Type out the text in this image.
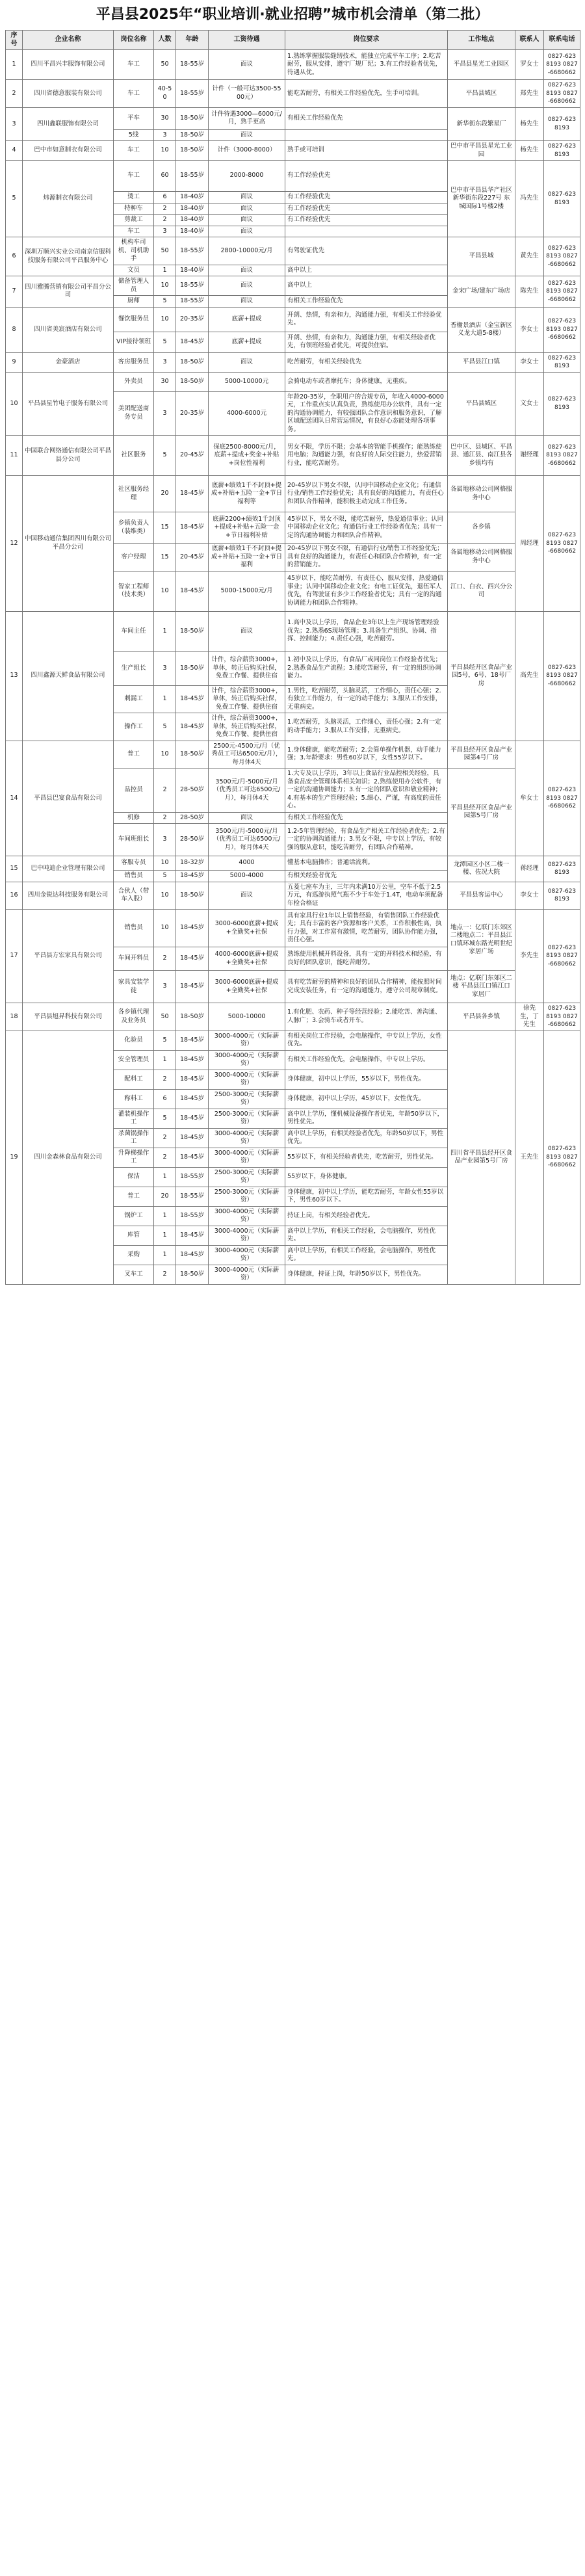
平昌县2025年“职业培训·就业招聘”城市机会清单（第二批）
序号	企业名称	岗位名称	人数	年龄	工资待遇	岗位要求	工作地点	联系人	联系电话
1	四川平昌兴丰服饰有限公司	车工	50	18-55岁	面议	1.熟练掌握服装缝纫技术，能独立完成平车工序；2.吃苦耐劳，服从安排，遵守厂规厂纪；3.有工作经验者优先，待遇从优。	平昌县星光工业园区	罗女士	0827-6238193 0827-6680662
2	四川省德意服装有限公司	车工	40-50	18-55岁	计件（一般可达3500-5500元）	能吃苦耐劳，有相关工作经验优先，生手可培训。	平昌县城区	郑先生	0827-6238193 0827-6680662
3	四川鑫联服饰有限公司	平车	30	18-50岁	计件待遇3000—6000元/月，熟手更高	有相关工作经验优先	新华街东段繁星厂	杨先生	0827-6238193
		5线	3	18-50岁	面议				
4	巴中市如意制衣有限公司	车工	10	18-50岁	计件（3000-8000）	熟手或可培训	巴中市平昌县星光工业园	杨先生	0827-6238193
5	炜源制衣有限公司	车工	60	18-55岁	2000-8000	有工作经验优先	巴中市平昌县华产社区新华街东段227号 东城国际1号楼2楼	冯先生	0827-6238193
		烫工	6	18-40岁	面议	有工作经验优先			
		特种车	2	18-40岁	面议	有工作经验优先			
		剪裁工	2	18-40岁	面议	有工作经验优先			
		车工	3	18-40岁	面议				
6	深圳万顺兴实业公司南京信服科技服务有限公司平昌服务中心	机构车司机、司机助手	50	18-55岁	2800-10000元/月	有驾驶证优先	平昌县城	黄先生	0827-6238193 0827-6680662
		文员	1	18-40岁	面议	高中以上			
7	四川雅腾营销有限公司平昌分公司	储备管理人员	10	18-55岁	面议	高中以上	金宋广场/建东广场店	陈先生	0827-6238193 0827-6680662
		厨师	5	18-55岁	面议	有相关工作经验优先			
8	四川省美宸酒店有限公司	餐饮服务员	10	20-35岁	底薪+提成	开朗、热情，有亲和力，沟通能力强，有相关工作经验优先。	香榭景酒店（金宝新区义龙大道5-8楼）	李女士	0827-6238193 0827-6680662
		VIP接待领班	5	18-45岁	底薪+提成	开朗、热情，有亲和力，沟通能力强，有相关经验者优先，有领班经验者优先，可提供住宿。			
9	金豪酒店	客房服务员	3	18-50岁	面议	吃苦耐劳，有相关经验优先	平昌县江口镇	李女士	0827-6238193
10	平昌县星竹电子服务有限公司	外卖员	30	18-50岁	5000-10000元	会骑电动车或者摩托车；身体健康，无重疾。	平昌县城区	文女士	0827-6238193
		美团配送商务专员	3	20-35岁	4000-6000元	年龄20-35岁，全职用户的合规专员，年收入4000-6000元，工作重点实认真负责，熟练使用办公软件，具有一定的沟通协调能力，有较强团队合作意识和服务意识，了解区域配送团队日常营运情况，有良好心态能处理各项事务。			
11	中国联合网络通信有限公司平昌县分公司	社区服务	5	20-45岁	保底2500-8000元/月，底薪+提成+奖金+补贴+岗位性福利	男女不限，学历不限；会基本的智能手机操作；能熟练使用电脑；沟通能力强，有良好的人际交往能力，热爱营销行业，能吃苦耐劳。	巴中区、县城区、平昌县、通江县、南江县各乡镇均有	谢经理	0827-6238193 0827-6680662
12	中国移动通信集团四川有限公司平昌分公司	社区服务经理	20	18-45岁	底薪+绩效1千不封顶+提成+补贴+五险一金+节日福利等	20-45岁以下男女不限，认同中国移动企业文化；有通信行业/销售工作经验优先；具有良好的沟通能力，有责任心和团队合作精神，能积极主动完成工作任务。	各属地移动公司网格服务中心	周经理	0827-6238193 0827-6680662
		乡镇负责人（装维类）	15	18-45岁	底薪2200+绩效1千封顶+提成+补贴+五险一金+节日福利补贴	45岁以下，男女不限，能吃苦耐劳，热爱通信事业；认同中国移动企业文化；有通信行业工作经验者优先；具有一定的沟通协调能力和团队合作精神。	各乡镇		
		客户经理	15	20-45岁	底薪+绩效1千不封顶+提成+补贴+五险一金+节日福利	20-45岁以下男女不限，有通信行业/销售工作经验优先；具有良好的沟通能力，有责任心和团队合作精神，有一定的营销能力。	各属地移动公司网格服务中心		
		智家工程师（技术类）	10	18-45岁	5000-15000元/月	45岁以下，能吃苦耐劳，有责任心，服从安排，热爱通信事业；认同中国移动企业文化；有电工证优先，退伍军人优先，有驾驶证有多少工作经验者优先；具有一定的沟通协调能力和团队合作精神。	江口、白衣、西兴分公司		
13	四川鑫源天鲜食品有限公司	车间主任	1	18-50岁	面议	1.高中及以上学历，食品企业3年以上生产现场管理经验优先；2.熟悉6S现场管理；3.具备生产组织、协调、指挥、控制能力；4.责任心强，吃苦耐劳。	平昌县经开区食品产业园5号，6号、18号厂房	高先生	0827-6238193 0827-6680662
		生产组长	3	18-50岁	计件，综合薪资3000+，单休，转正后购买社保，免费工作餐、提供住宿	1.初中及以上学历，有食品厂或同岗位工作经验者优先；2.熟悉食品生产流程；3.能吃苦耐劳，有一定的组织协调能力。			
		刺漏工	1	18-45岁	计件，综合薪资3000+，单休，转正后购买社保，免费工作餐、提供住宿	1.男性，吃苦耐劳，头脑灵活，工作细心，责任心强；2.有独立工作能力，有一定的动手能力；3.服从工作安排，无重病史。			
		操作工	5	18-45岁	计件，综合薪资3000+，单休，转正后购买社保，免费工作餐、提供住宿	1.吃苦耐劳，头脑灵活，工作细心，责任心强；2.有一定的动手能力；3.服从工作安排，无重病史。			
14	平昌县巴宴食品有限公司	普工	10	18-50岁	2500元-4500元/月（优秀员工可达6500元/月），每月休4天	1.身体健康，能吃苦耐劳；2.会简单操作机器，动手能力强；3.年龄要求：男性60岁以下，女性55岁以下。	平昌县经开区食品产业园第4号厂房	牟女士	0827-6238193 0827-6680662
		品控员	2	28-50岁	3500元/月-5000元/月（优秀员工可达6500元/月），每月休4天	1.大专及以上学历，3年以上食品行业品控相关经验，具备食品安全管理体系相关知识；2.熟练使用办公软件，有一定的沟通协调能力；3.有一定的团队意识和敬业精神；4.有基本的生产管理经验；5.细心、严谨，有高度的责任心。	平昌县经开区食品产业园第5号厂房		
		机修	2	28-50岁	面议	有相关工作经验优先			
		车间班组长	3	28-50岁	3500元/月-5000元/月（优秀员工可达6500元/月），每月休4天	1.2-5年管理经验，有食品生产相关工作经验者优先；2.有一定的协调沟通能力；3.男女不限，中专以上学历，有较强的服从意识，能吃苦耐劳，有团队合作精神。			
15	巴中吨迪企业管理有限公司	客服专员	10	18-32岁	4000	懂基本电脑操作；普通话流利。	龙潭园区小区二楼一楼、佐况大院	蒋经理	0827-6238193
		销售员	5	18-45岁	5000-4000	有相关经验者优先			
16	四川金锐达科技服务有限公司	合伙人（带车入股）	10	18-50岁	面议	五菱七座车为主，三年内未满10万公里，空车不低于2.5万元，有巡游执照气瓶不少于车处于1.4T，电动车须配备年检合格证	平昌县客运中心	李女士	0827-6238193
17	平昌县方宏家具有限公司	销售员	10	18-45岁	3000-6000底薪+提成+全勤奖+社保	具有家具行业1年以上销售经验，有销售团队工作经验优先；具有丰富的客户资源和客户关系，工作积极性高，执行力强，对工作富有激情，吃苦耐劳，团队协作能力强，责任心强。	地点一：亿联门东郊区二楼地点二：平昌县江口镇环城东路光明世纪家居广场	李先生	0827-6238193 0827-6680662
		车间开料员	2	18-45岁	4000-6000底薪+提成+全勤奖+社保	熟练使用机械开料设备，具有一定的开料技术和经验，有良好的团队意识，能吃苦耐劳。			
		家具安装学徒	3	18-45岁	3000-6000底薪+提成+全勤奖+社保	具有吃苦耐劳的精神和良好的团队合作精神，能按照时间完成安装任务，有一定的沟通能力，遵守公司规章制度。	地点：亿联门东郊区二楼 平昌县江口镇江口家居厂		
18	平昌县旭昇科技有限公司	各乡镇代理及业务员	50	18-50岁	5000-10000	1.有化肥、农药、种子等经营经验；2.能吃苦、善沟通、人脉广；3.会骑车或者开车。	平昌县各乡镇	徐先生，丁先生	0827-6238193 0827-6680662
19	四川金森林食品有限公司	化验员	5	18-45岁	3000-4000元（实际薪资）	有相关岗位工作经验，会电脑操作，中专以上学历，女性优先。	四川省平昌县经开区食品产业园第5号厂房	王先生	0827-6238193 0827-6680662
		安全管理员	1	18-45岁	3000-4000元（实际薪资）	有相关工作经验优先，会电脑操作，中专以上学历。			
		配料工	2	18-45岁	3000-4000元（实际薪资）	身体健康，初中以上学历，55岁以下，男性优先。			
		称料工	6	18-45岁	2500-3000元（实际薪资）	身体健康，初中以上学历，45岁以下，女性优先。			
		灌装机操作工	5	18-45岁	2500-3000元（实际薪资）	高中以上学历，懂机械设备操作者优先，年龄50岁以下，男性优先。			
		杀菌锅操作工	2	18-45岁	3000-4000元（实际薪资）	高中以上学历，有相关经验者优先，年龄50岁以下，男性优先。			
		升降梯操作工	2	18-45岁	3000-4000元（实际薪资）	55岁以下，有相关经验者优先，吃苦耐劳，男性优先。			
		保洁	1	18-55岁	2500-3000元（实际薪资）	55岁以下，身体健康。			
		普工	20	18-55岁	2500-3000元（实际薪资）	身体健康，初中以上学历，能吃苦耐劳，年龄女性55岁以下，男性60岁以下。			
		锅炉工	1	18-55岁	3000-4000元（实际薪资）	持证上岗，有相关经验者优先。			
		库管	1	18-45岁	3000-4000元（实际薪资）	高中以上学历，有相关工作经验，会电脑操作，男性优先。			
		采购	1	18-45岁	3000-4000元（实际薪资）	高中以上学历，有相关工作经验，会电脑操作，男性优先。			
		叉车工	2	18-50岁	3000-4000元（实际薪资）	身体健康，持证上岗，年龄50岁以下，男性优先。			
